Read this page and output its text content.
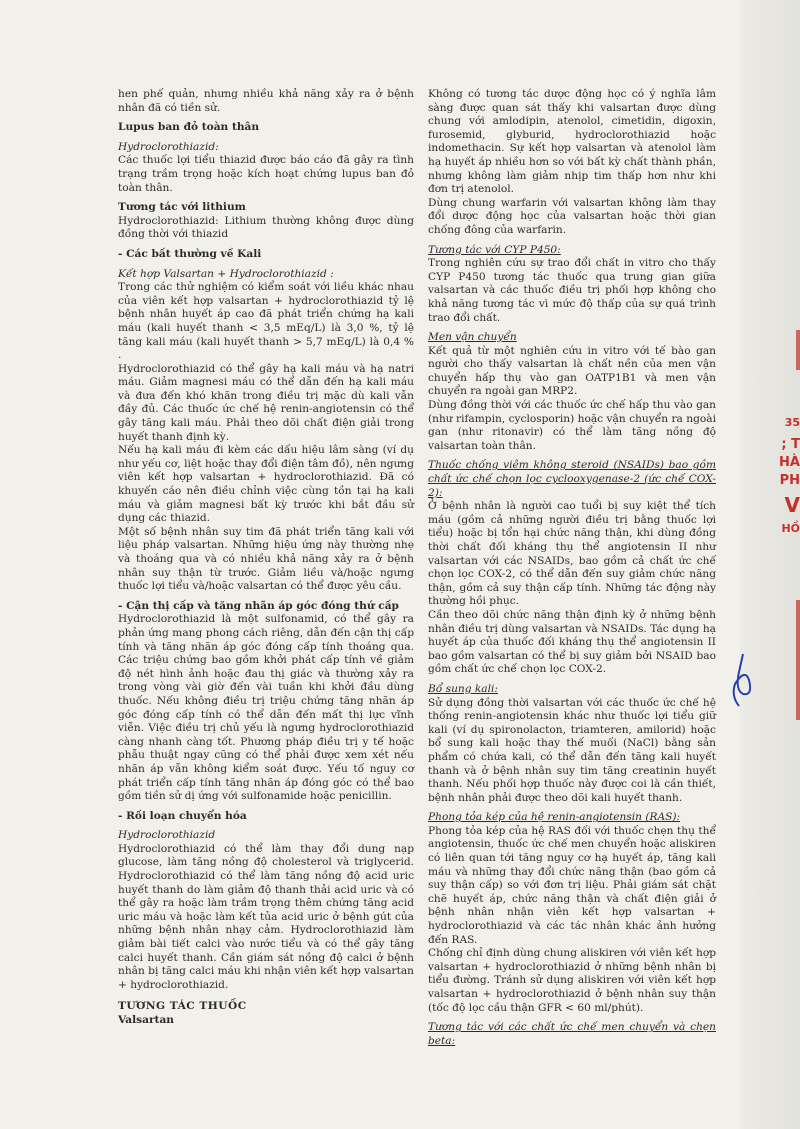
hen phế quản, nhưng nhiều khả năng xảy ra ở bệnh nhân đã có tiền sử.

Lupus ban đỏ toàn thân

Hydroclorothiazid:

Các thuốc lợi tiểu thiazid được báo cáo đã gây ra tình trạng trầm trọng hoặc kích hoạt chứng lupus ban đỏ toàn thân.

Tương tác với lithium

Hydroclorothiazid: Lithium thường không được dùng đồng thời với thiazid

- Các bất thường về Kali

Kết hợp Valsartan + Hydroclorothiazid :

Trong các thử nghiệm có kiểm soát với liều khác nhau của viên kết hợp valsartan + hydroclorothiazid tỷ lệ bệnh nhân huyết áp cao đã phát triển chứng hạ kali máu (kali huyết thanh < 3,5 mEq/L) là 3,0 %, tỷ lệ tăng kali máu (kali huyết thanh > 5,7 mEq/L) là 0,4 % .

Hydroclorothiazid có thể gây hạ kali máu và hạ natri máu. Giảm magnesi máu có thể dẫn đến hạ kali máu và đưa đến khó khăn trong điều trị mặc dù kali vẫn đầy đủ. Các thuốc ức chế hệ renin-angiotensin có thể gây tăng kali máu. Phải theo dõi chất điện giải trong huyết thanh định kỳ.

Nếu hạ kali máu đi kèm các dấu hiệu lâm sàng (ví dụ như yếu cơ, liệt hoặc thay đổi điện tâm đồ), nên ngưng viên kết hợp valsartan + hydroclorothiazid. Đã có khuyến cáo nên điều chỉnh việc cùng tồn tại hạ kali máu và giảm magnesi bất kỳ trước khi bắt đầu sử dụng các thiazid.

Một số bệnh nhân suy tim đã phát triển tăng kali với liệu pháp valsartan. Những hiệu ứng này thường nhẹ và thoáng qua và có nhiều khả năng xảy ra ở bệnh nhân suy thận từ trước. Giảm liều và/hoặc ngưng thuốc lợi tiểu và/hoặc valsartan có thể được yêu cầu.

- Cận thị cấp và tăng nhãn áp góc đóng thứ cấp

Hydroclorothiazid là một sulfonamid, có thể gây ra phản ứng mang phong cách riêng, dẫn đến cận thị cấp tính và tăng nhãn áp góc đóng cấp tính thoáng qua. Các triệu chứng bao gồm khởi phát cấp tính về giảm độ nét hình ảnh hoặc đau thị giác và thường xảy ra trong vòng vài giờ đến vài tuần khi khởi đầu dùng thuốc. Nếu không điều trị triệu chứng tăng nhãn áp góc đóng cấp tính có thể dẫn đến mất thị lực vĩnh viễn. Việc điều trị chủ yếu là ngưng hydroclorothiazid càng nhanh càng tốt. Phương pháp điều trị y tế hoặc phẫu thuật ngay cũng có thể phải được xem xét nếu nhãn áp vẫn không kiểm soát được. Yếu tố nguy cơ phát triển cấp tính tăng nhãn áp đóng góc có thể bao gồm tiền sử dị ứng với sulfonamide hoặc penicillin.

- Rối loạn chuyển hóa

Hydroclorothiazid

Hydroclorothiazid có thể làm thay đổi dung nạp glucose, làm tăng nồng độ cholesterol và triglycerid. Hydroclorothiazid có thể làm tăng nồng độ acid uric huyết thanh do làm giảm độ thanh thải acid uric và có thể gây ra hoặc làm trầm trọng thêm chứng tăng acid uric máu và hoặc làm kết tủa acid uric ở bệnh gút của những bệnh nhân nhạy cảm. Hydroclorothiazid làm giảm bài tiết calci vào nước tiểu và có thể gây tăng calci huyết thanh. Cần giám sát nồng độ calci ở bệnh nhân bị tăng calci máu khi nhận viên kết hợp valsartan + hydroclorothiazid.

TƯƠNG TÁC THUỐC

Valsartan

Không có tương tác dược động học có ý nghĩa lâm sàng được quan sát thấy khi valsartan được dùng chung với amlodipin, atenolol, cimetidin, digoxin, furosemid, glyburid, hydroclorothiazid hoặc indomethacin. Sự kết hợp valsartan và atenolol làm hạ huyết áp nhiều hơn so với bất kỳ chất thành phần, nhưng không làm giảm nhịp tim thấp hơn như khi đơn trị atenolol.

Dùng chung warfarin với valsartan không làm thay đổi dược động học của valsartan hoặc thời gian chống đông của warfarin.

Tương tác với CYP P450:

Trong nghiên cứu sự trao đổi chất in vitro cho thấy CYP P450 tương tác thuốc qua trung gian giữa valsartan và các thuốc điều trị phối hợp không cho khả năng tương tác vì mức độ thấp của sự quá trình trao đổi chất.

Men vận chuyển

Kết quả từ một nghiên cứu in vitro với tế bào gan người cho thấy valsartan là chất nền của men vận chuyển hấp thụ vào gan OATP1B1 và men vận chuyển ra ngoài gan MRP2.

Dùng đồng thời với các thuốc ức chế hấp thu vào gan (như rifampin, cyclosporin) hoặc vận chuyển ra ngoài gan (như ritonavir) có thể làm tăng nồng độ valsartan toàn thân.

Thuốc chống viêm không steroid (NSAIDs) bao gồm chất ức chế chọn lọc cyclooxygenase-2 (ức chế COX-2):

Ở bệnh nhân là người cao tuổi bị suy kiệt thể tích máu (gồm cả những người điều trị bằng thuốc lợi tiểu) hoặc bị tổn hại chức năng thận, khi dùng đồng thời chất đối kháng thụ thể angiotensin II như valsartan với các NSAIDs, bao gồm cả chất ức chế chọn lọc COX-2, có thể dẫn đến suy giảm chức năng thận, gồm cả suy thận cấp tính. Những tác động này thường hồi phục.

Cần theo dõi chức năng thận định kỳ ở những bệnh nhân điều trị dùng valsartan và NSAIDs. Tác dụng hạ huyết áp của thuốc đối kháng thụ thể angiotensin II bao gồm valsartan có thể bị suy giảm bởi NSAID bao gồm chất ức chế chọn lọc COX-2.

Bổ sung kali:

Sử dụng đồng thời valsartan với các thuốc ức chế hệ thống renin-angiotensin khác như thuốc lợi tiểu giữ kali (ví dụ spironolacton, triamteren, amilorid) hoặc bổ sung kali hoặc thay thế muối (NaCl) bằng sản phẩm có chứa kali, có thể dẫn đến tăng kali huyết thanh và ở bệnh nhân suy tim tăng creatinin huyết thanh. Nếu phối hợp thuốc này được coi là cần thiết, bệnh nhân phải được theo dõi kali huyết thanh.

Phong tỏa kép của hệ renin-angiotensin (RAS):

Phong tỏa kép của hệ RAS đối với thuốc chẹn thụ thể angiotensin, thuốc ức chế men chuyển hoặc aliskiren có liên quan tới tăng nguy cơ hạ huyết áp, tăng kali máu và những thay đổi chức năng thận (bao gồm cả suy thận cấp) so với đơn trị liệu. Phải giám sát chặt chẽ huyết áp, chức năng thận và chất điện giải ở bệnh nhân nhận viên kết hợp valsartan + hydroclorothiazid và các tác nhân khác ảnh hưởng đến RAS.

Chống chỉ định dùng chung aliskiren với viên kết hợp valsartan + hydroclorothiazid ở những bệnh nhân bị tiểu đường. Tránh sử dụng aliskiren với viên kết hợp valsartan + hydroclorothiazid ở bệnh nhân suy thận (tốc độ lọc cầu thận GFR < 60 ml/phút).

Tương tác với các chất ức chế men chuyển và chẹn beta:

35
; T
HÀ
PH
V
HỒ
